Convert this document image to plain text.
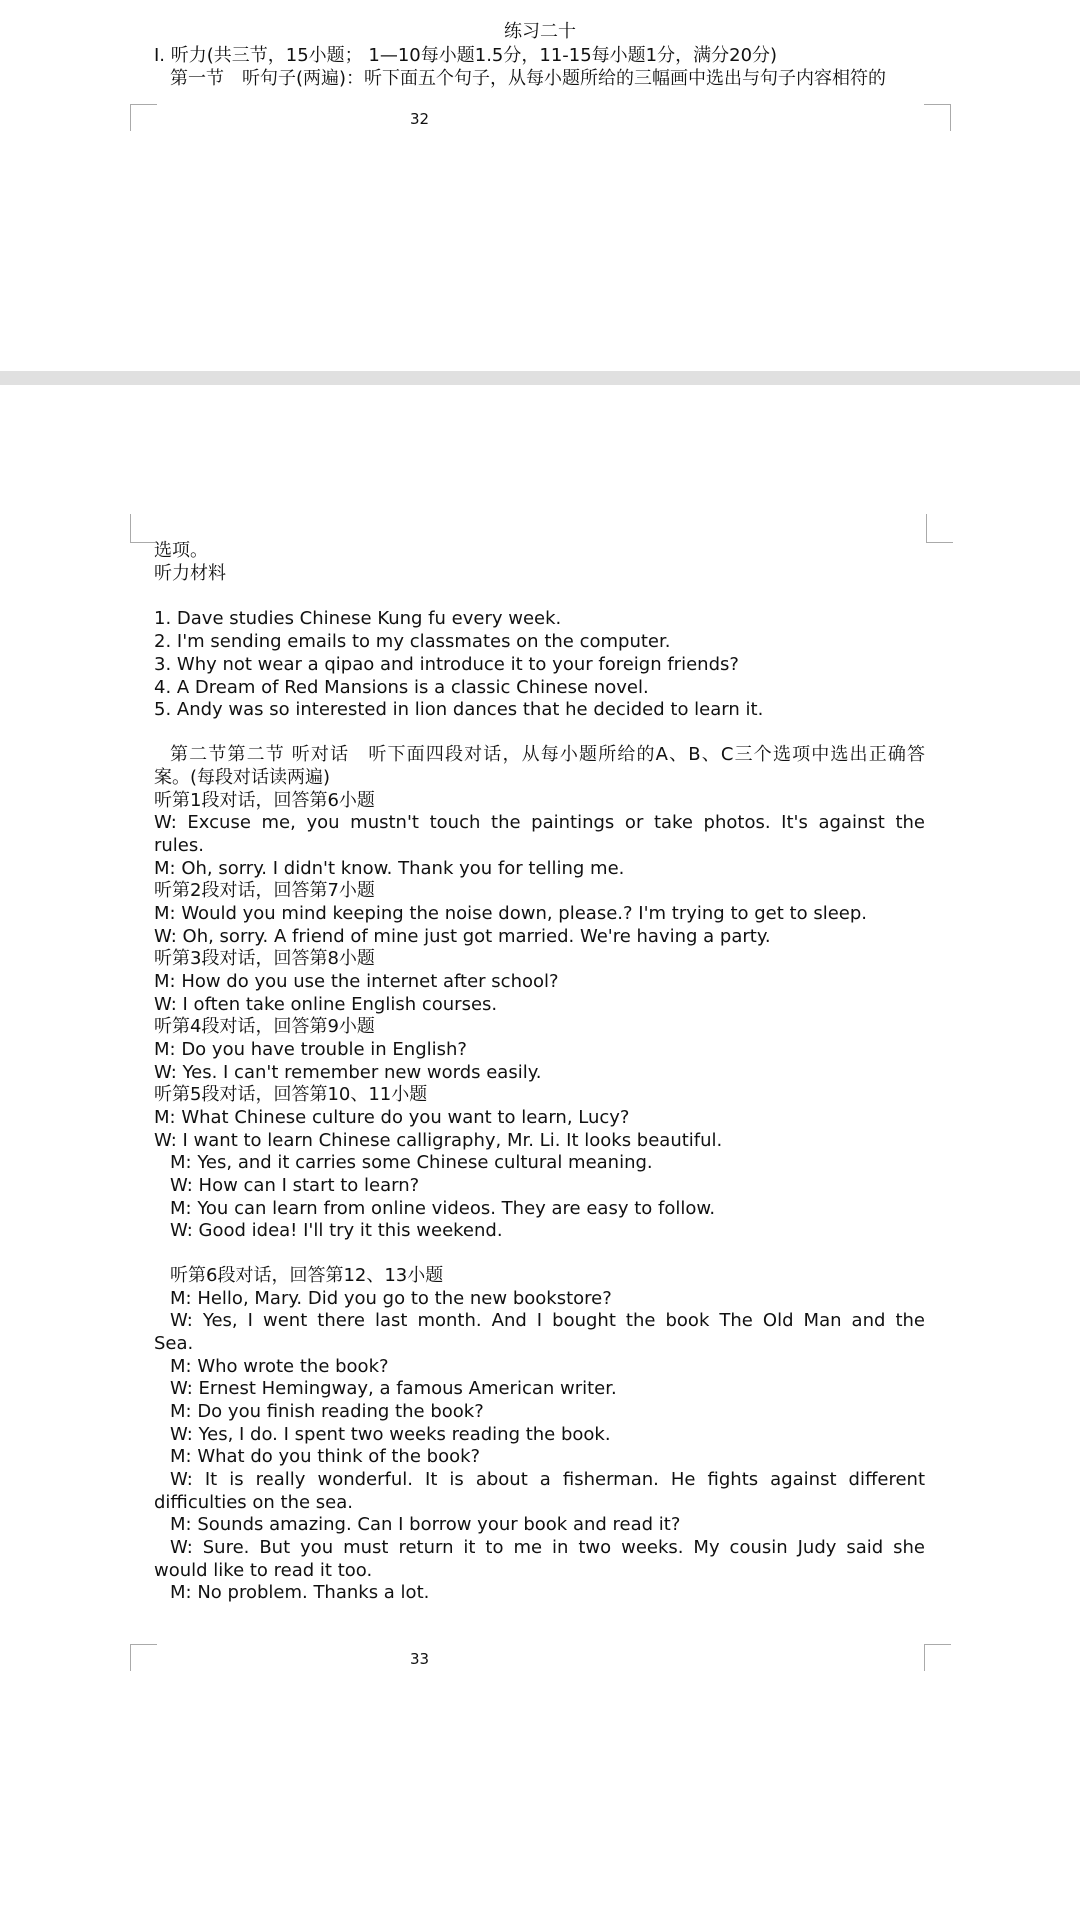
练习二十
I. 听力(共三节，15小题； 1—10每小题1.5分，11-15每小题1分，满分20分)
第一节　听句子(两遍)：听下面五个句子，从每小题所给的三幅画中选出与句子内容相符的
32
选项。
听力材料
1. Dave studies Chinese Kung fu every week.
2. I'm sending emails to my classmates on the computer.
3. Why not wear a qipao and introduce it to your foreign friends?
4. A Dream of Red Mansions is a classic Chinese novel.
5. Andy was so interested in lion dances that he decided to learn it.
第二节第二节 听对话　听下面四段对话，从每小题所给的A、B、C三个选项中选出正确答
案。(每段对话读两遍)
听第1段对话，回答第6小题
W: Excuse me, you mustn't touch the paintings or take photos. It's against the
rules.
M: Oh, sorry. I didn't know. Thank you for telling me.
听第2段对话，回答第7小题
M: Would you mind keeping the noise down, please.? I'm trying to get to sleep.
W: Oh, sorry. A friend of mine just got married. We're having a party.
听第3段对话，回答第8小题
M: How do you use the internet after school?
W: I often take online English courses.
听第4段对话，回答第9小题
M: Do you have trouble in English?
W: Yes. I can't remember new words easily.
听第5段对话，回答第10、11小题
M: What Chinese culture do you want to learn, Lucy?
W: I want to learn Chinese calligraphy, Mr. Li. It looks beautiful.
M: Yes, and it carries some Chinese cultural meaning.
W: How can I start to learn?
M: You can learn from online videos. They are easy to follow.
W: Good idea! I'll try it this weekend.
听第6段对话，回答第12、13小题
M: Hello, Mary. Did you go to the new bookstore?
W: Yes, I went there last month. And I bought the book The Old Man and the
Sea.
M: Who wrote the book?
W: Ernest Hemingway, a famous American writer.
M: Do you finish reading the book?
W: Yes, I do. I spent two weeks reading the book.
M: What do you think of the book?
W: It is really wonderful. It is about a fisherman. He fights against different
difficulties on the sea.
M: Sounds amazing. Can I borrow your book and read it?
W: Sure. But you must return it to me in two weeks. My cousin Judy said she
would like to read it too.
M: No problem. Thanks a lot.
33
